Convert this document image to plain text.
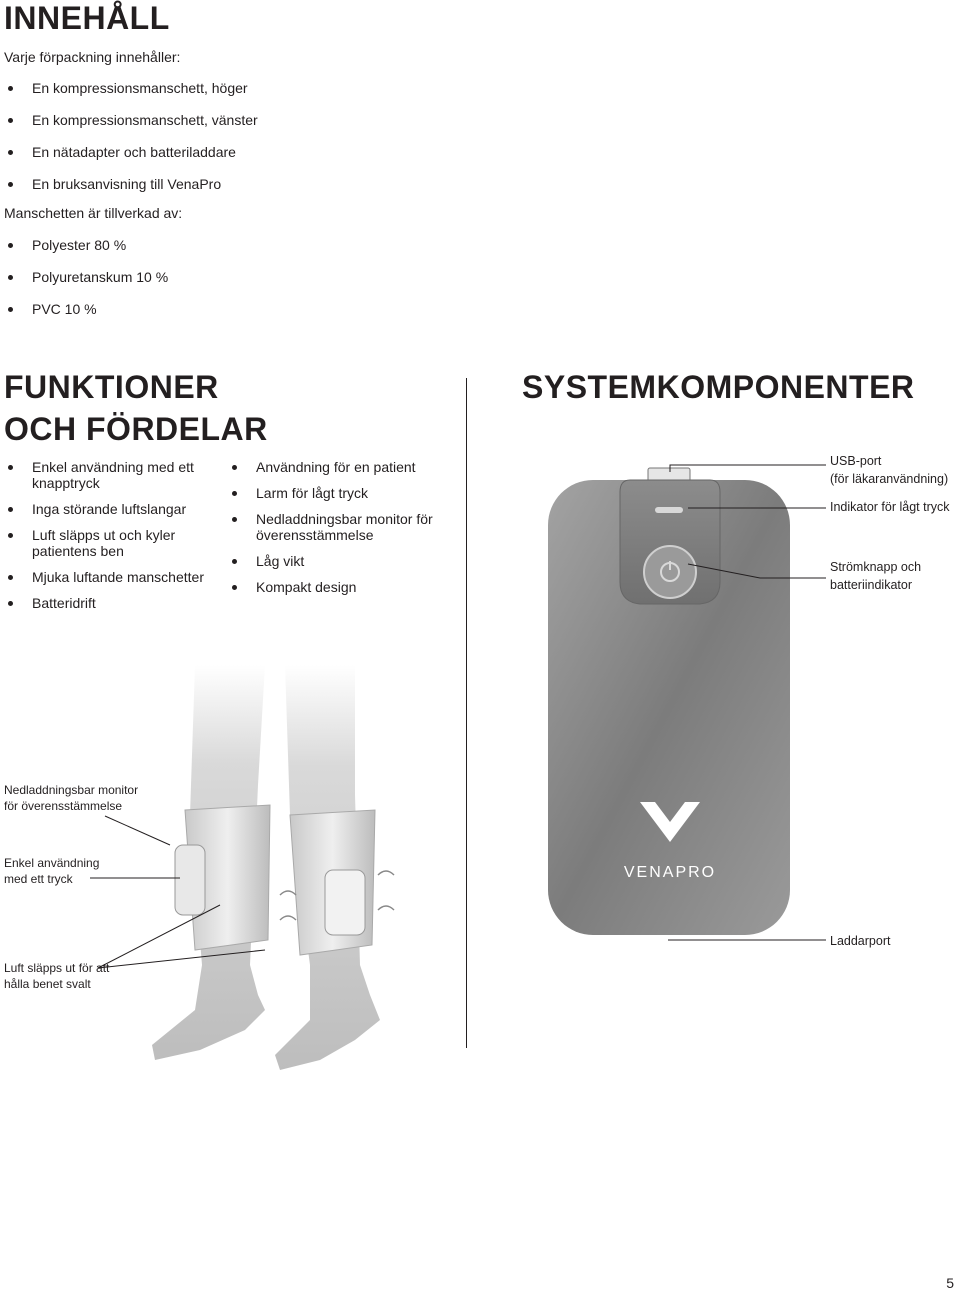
INNEHÅLL
Varje förpackning innehåller:
En kompressionsmanschett, höger
En kompressionsmanschett, vänster
En nätadapter och batteriladdare
En bruksanvisning till VenaPro
Manschetten är tillverkad av:
Polyester 80 %
Polyuretanskum 10 %
PVC 10 %
FUNKTIONER
OCH FÖRDELAR
Enkel användning med ett knapptryck
Inga störande luftslangar
Luft släpps ut och kyler patientens ben
Mjuka luftande manschetter
Batteridrift
Användning för en patient
Larm för lågt tryck
Nedladdningsbar monitor för överensstämmelse
Låg vikt
Kompakt design
SYSTEMKOMPONENTER
VENAPRO
USB-port
(för läkaranvändning)
Indikator för lågt tryck
Strömknapp och
batteriindikator
Laddarport
Nedladdningsbar monitor
för överensstämmelse
Enkel användning
med ett tryck
Luft släpps ut för att
hålla benet svalt
5
